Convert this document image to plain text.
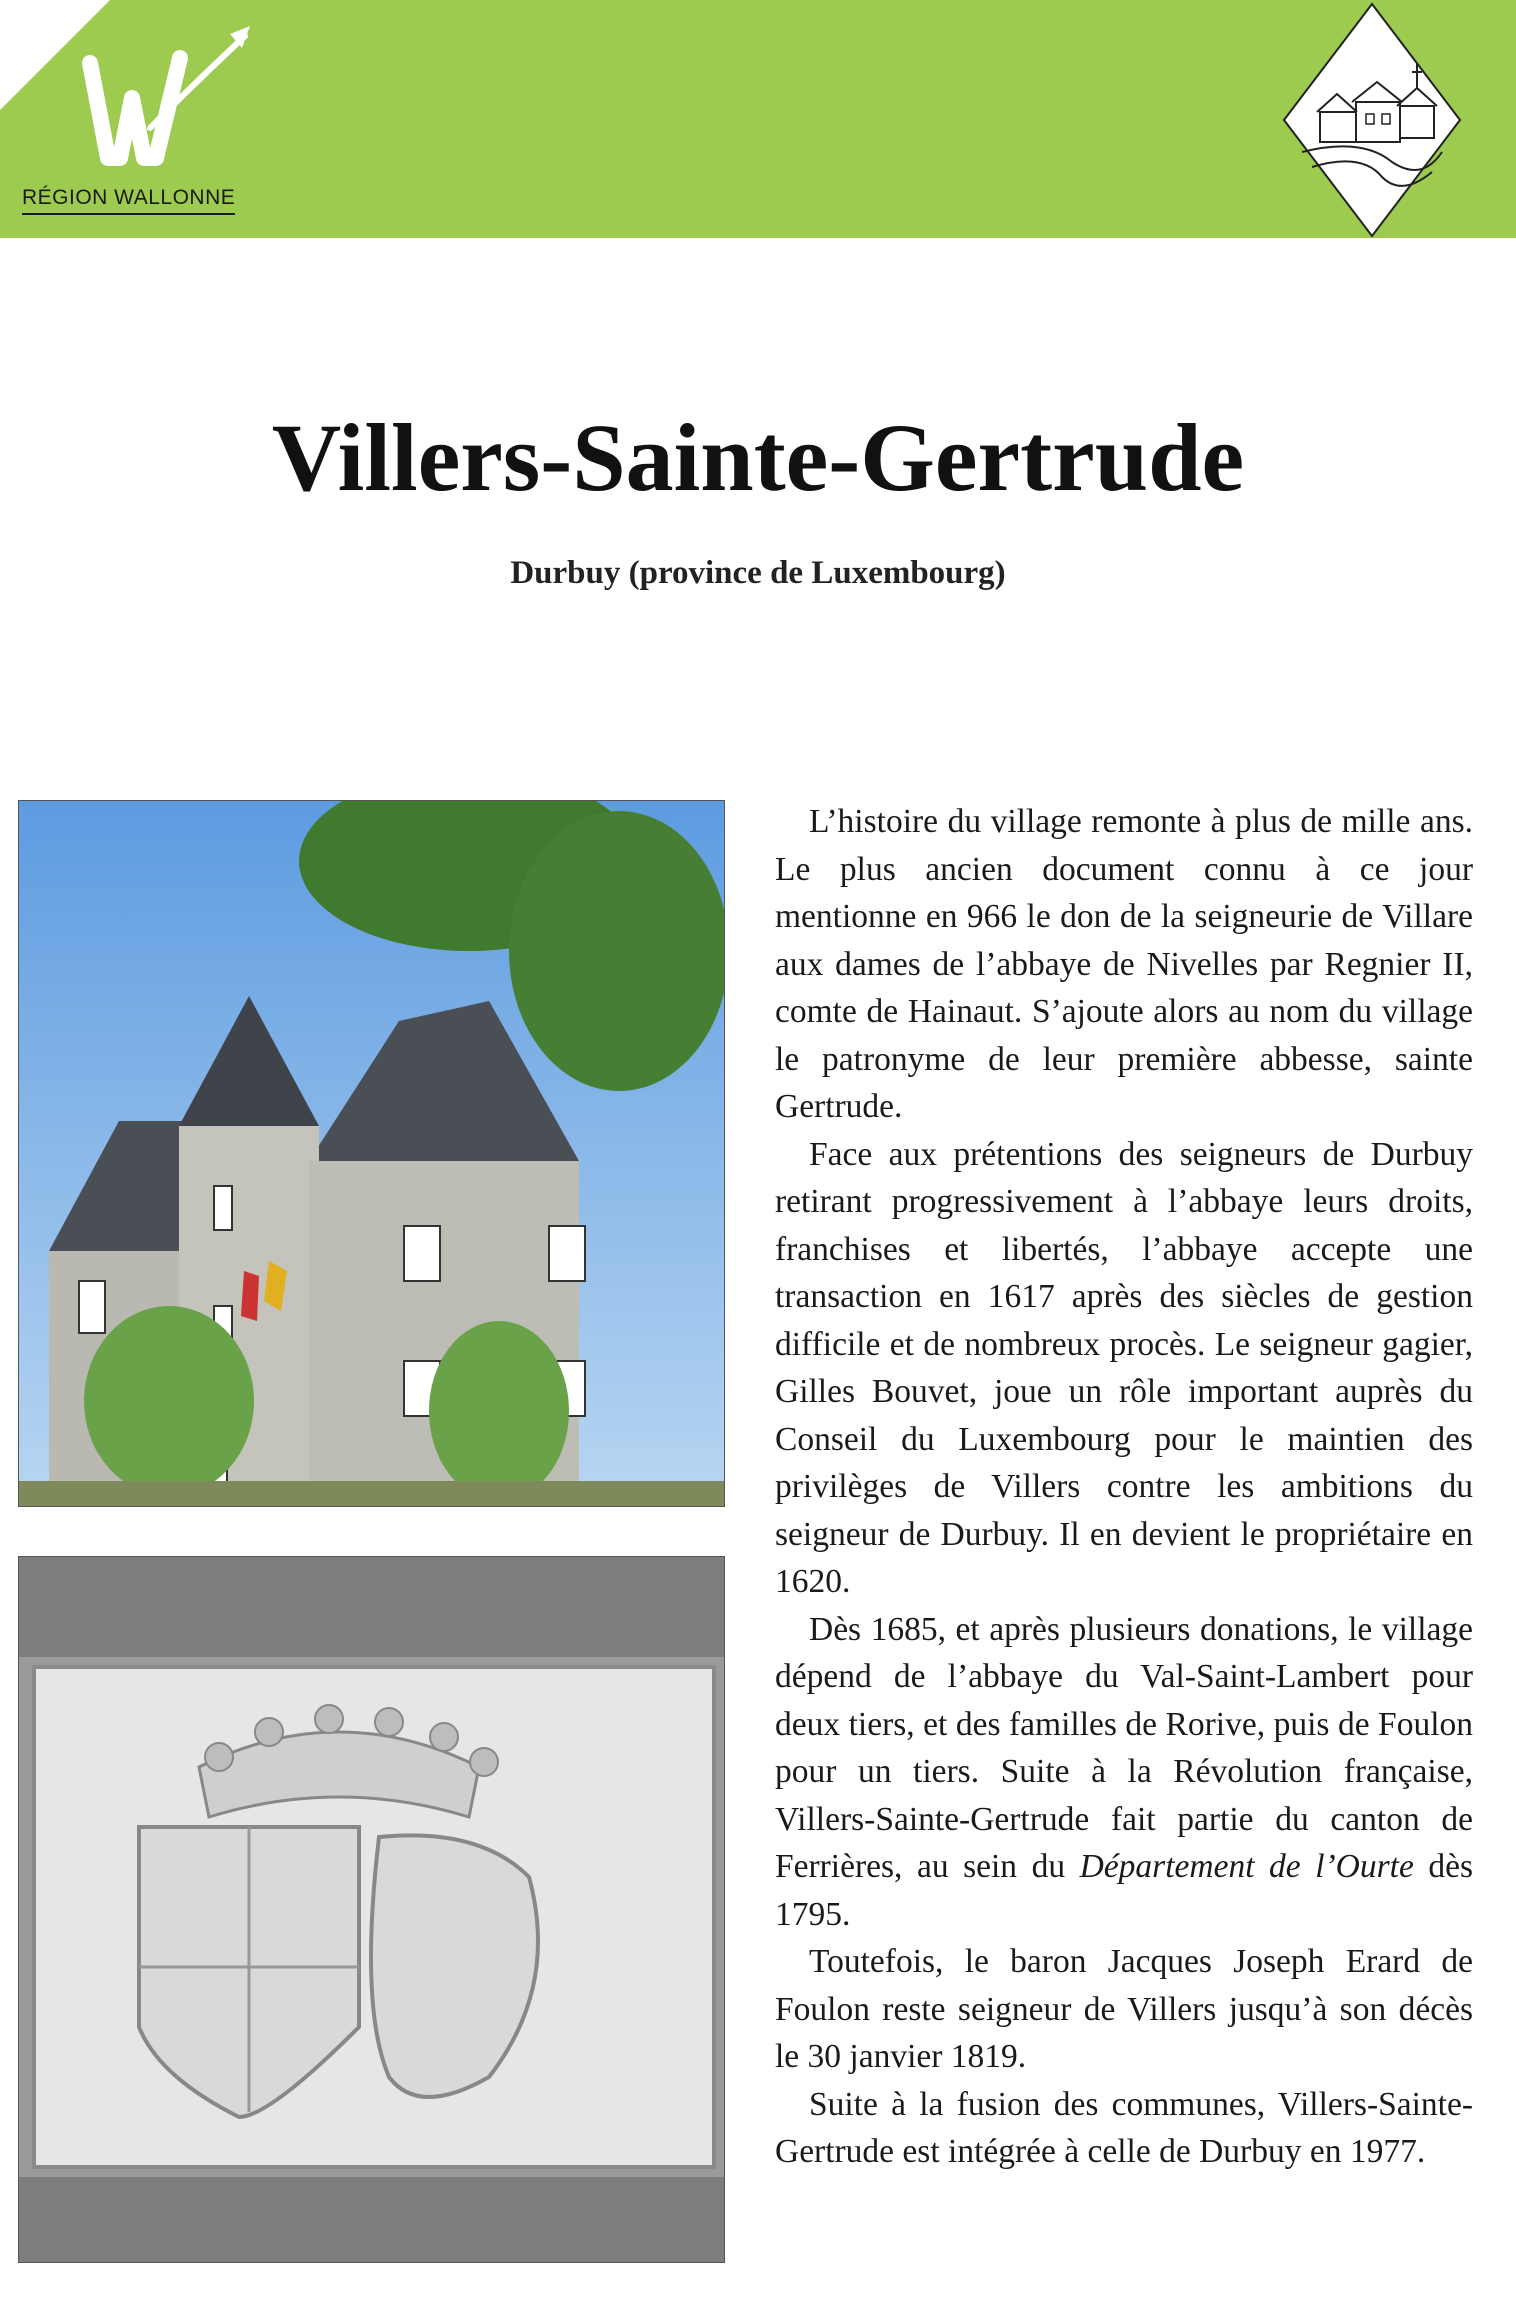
RÉGION WALLONNE
Villers-Sainte-Gertrude
Durbuy (province de Luxembourg)

L’histoire du village remonte à plus de mille ans. Le plus ancien document connu à ce jour mentionne en 966 le don de la seigneurie de Villare aux dames de l’abbaye de Nivelles par Regnier II, comte de Hainaut. S’ajoute alors au nom du village le patronyme de leur première abbesse, sainte Gertrude.

Face aux prétentions des seigneurs de Durbuy retirant progressivement à l’abbaye leurs droits, franchises et libertés, l’abbaye accepte une transaction en 1617 après des siècles de gestion difficile et de nombreux procès. Le seigneur gagier, Gilles Bouvet, joue un rôle important auprès du Conseil du Luxembourg pour le maintien des privilèges de Villers contre les ambitions du seigneur de Durbuy. Il en devient le propriétaire en 1620.

Dès 1685, et après plusieurs donations, le village dépend de l’abbaye du Val-Saint-Lambert pour deux tiers, et des familles de Rorive, puis de Foulon pour un tiers. Suite à la Révolution française, Villers-Sainte-Gertrude fait partie du canton de Ferrières, au sein du Département de l’Ourte dès 1795.

Toutefois, le baron Jacques Joseph Erard de Foulon reste seigneur de Villers jusqu’à son décès le 30 janvier 1819.

Suite à la fusion des communes, Villers-Sainte-Gertrude est intégrée à celle de Durbuy en 1977.
